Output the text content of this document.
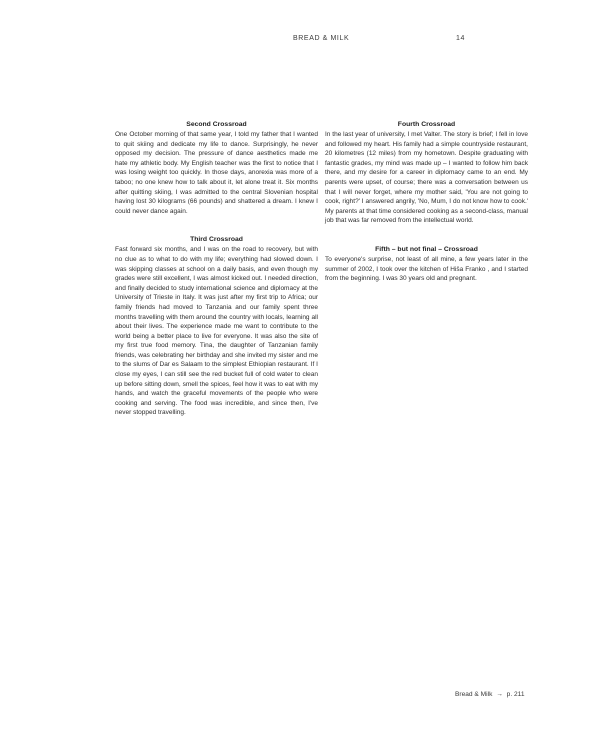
BREAD & MILK	14
Second Crossroad

One October morning of that same year, I told my father that I wanted to quit skiing and dedicate my life to dance. Surprisingly, he never opposed my decision. The pressure of dance aesthetics made me hate my athletic body. My English teacher was the first to notice that I was losing weight too quickly. In those days, anorexia was more of a taboo; no one knew how to talk about it, let alone treat it. Six months after quitting skiing, I was admitted to the central Slovenian hospital having lost 30 kilograms (66 pounds) and shattered a dream. I knew I could never dance again.

Third Crossroad

Fast forward six months, and I was on the road to recovery, but with no clue as to what to do with my life; everything had slowed down. I was skipping classes at school on a daily basis, and even though my grades were still excellent, I was almost kicked out. I needed direction, and finally decided to study international science and diplomacy at the University of Trieste in Italy. It was just after my first trip to Africa; our family friends had moved to Tanzania and our family spent three months travelling with them around the country with locals, learning all about their lives. The experience made me want to contribute to the world being a better place to live for everyone. It was also the site of my first true food memory. Tina, the daughter of Tanzanian family friends, was celebrating her birthday and she invited my sister and me to the slums of Dar es Salaam to the simplest Ethiopian restaurant. If I close my eyes, I can still see the red bucket full of cold water to clean up before sitting down, smell the spices, feel how it was to eat with my hands, and watch the graceful movements of the people who were cooking and serving. The food was incredible, and since then, I've never stopped travelling.

Fourth Crossroad

In the last year of university, I met Valter. The story is brief; I fell in love and followed my heart. His family had a simple countryside restaurant, 20 kilometres (12 miles) from my hometown. Despite graduating with fantastic grades, my mind was made up – I wanted to follow him back there, and my desire for a career in diplomacy came to an end. My parents were upset, of course; there was a conversation between us that I will never forget, where my mother said, 'You are not going to cook, right?' I answered angrily, 'No, Mum, I do not know how to cook.' My parents at that time considered cooking as a second-class, manual job that was far removed from the intellectual world.

Fifth – but not final – Crossroad

To everyone's surprise, not least of all mine, a few years later in the summer of 2002, I took over the kitchen of Hiša Franko , and I started from the beginning. I was 30 years old and pregnant.

Bread & Milk → p. 211
